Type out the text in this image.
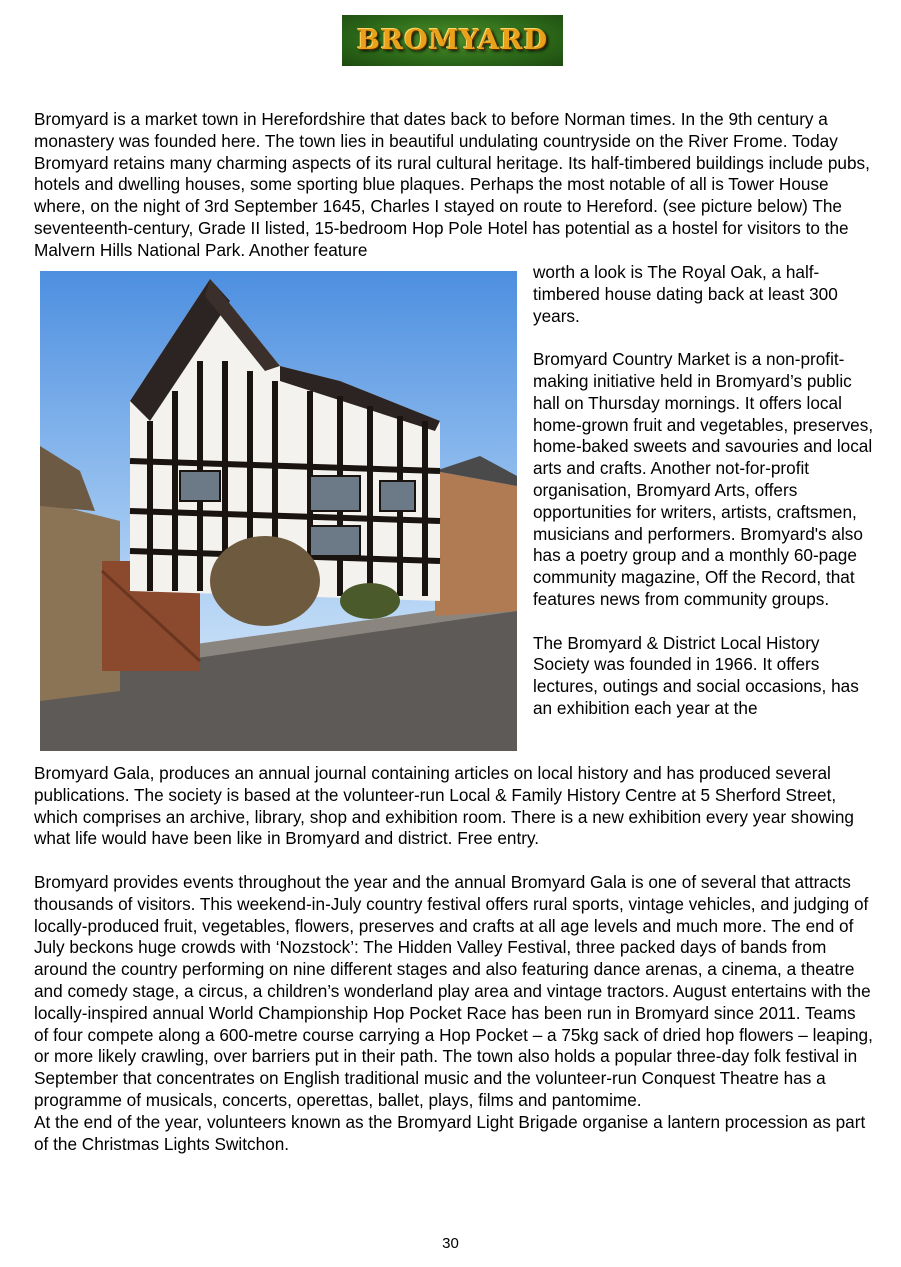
BROMYARD

Bromyard is a market town in Herefordshire that dates back to before Norman times. In the 9th century a monastery was founded here. The town lies in beautiful undulating countryside on the River Frome. Today Bromyard retains many charming aspects of its rural cultural heritage. Its half-timbered buildings include pubs, hotels and dwelling houses, some sporting blue plaques. Perhaps the most notable of all is Tower House where, on the night of 3rd September 1645, Charles I stayed on route to Hereford. (see picture below) The seventeenth-century, Grade II listed, 15-bedroom Hop Pole Hotel has potential as a hostel for visitors to the Malvern Hills National Park. Another feature

worth a look is The Royal Oak, a half-timbered house dating back at least 300 years.

Bromyard Country Market is a non-profit-making initiative held in Bromyard’s public hall on Thursday mornings. It offers local home-grown fruit and vegetables, preserves, home-baked sweets and savouries and local arts and crafts. Another not-for-profit organisation, Bromyard Arts, offers opportunities for writers, artists, craftsmen, musicians and performers. Bromyard's also has a poetry group and a monthly 60-page community magazine, Off the Record, that features news from community groups.

The Bromyard & District Local History Society was founded in 1966. It offers lectures, outings and social occasions, has an exhibition each year at the

Bromyard Gala, produces an annual journal containing articles on local history and has produced several publications. The society is based at the volunteer-run Local & Family History Centre at 5 Sherford Street, which comprises an archive, library, shop and exhibition room. There is a new exhibition every year showing what life would have been like in Bromyard and district. Free entry.

Bromyard provides events throughout the year and the annual Bromyard Gala is one of several that attracts thousands of visitors. This weekend-in-July country festival offers rural sports, vintage vehicles, and judging of locally-produced fruit, vegetables, flowers, preserves and crafts at all age levels and much more. The end of July beckons huge crowds with ‘Nozstock’: The Hidden Valley Festival, three packed days of bands from around the country performing on nine different stages and also featuring dance arenas, a cinema, a theatre and comedy stage, a circus, a children’s wonderland play area and vintage tractors. August entertains with the locally-inspired annual World Championship Hop Pocket Race has been run in Bromyard since 2011. Teams of four compete along a 600-metre course carrying a Hop Pocket – a 75kg sack of dried hop flowers – leaping, or more likely crawling, over barriers put in their path. The town also holds a popular three-day folk festival in September that concentrates on English traditional music and the volunteer-run Conquest Theatre has a programme of musicals, concerts, operettas, ballet, plays, films and pantomime.

At the end of the year, volunteers known as the Bromyard Light Brigade organise a lantern procession as part of the Christmas Lights Switchon.

30
